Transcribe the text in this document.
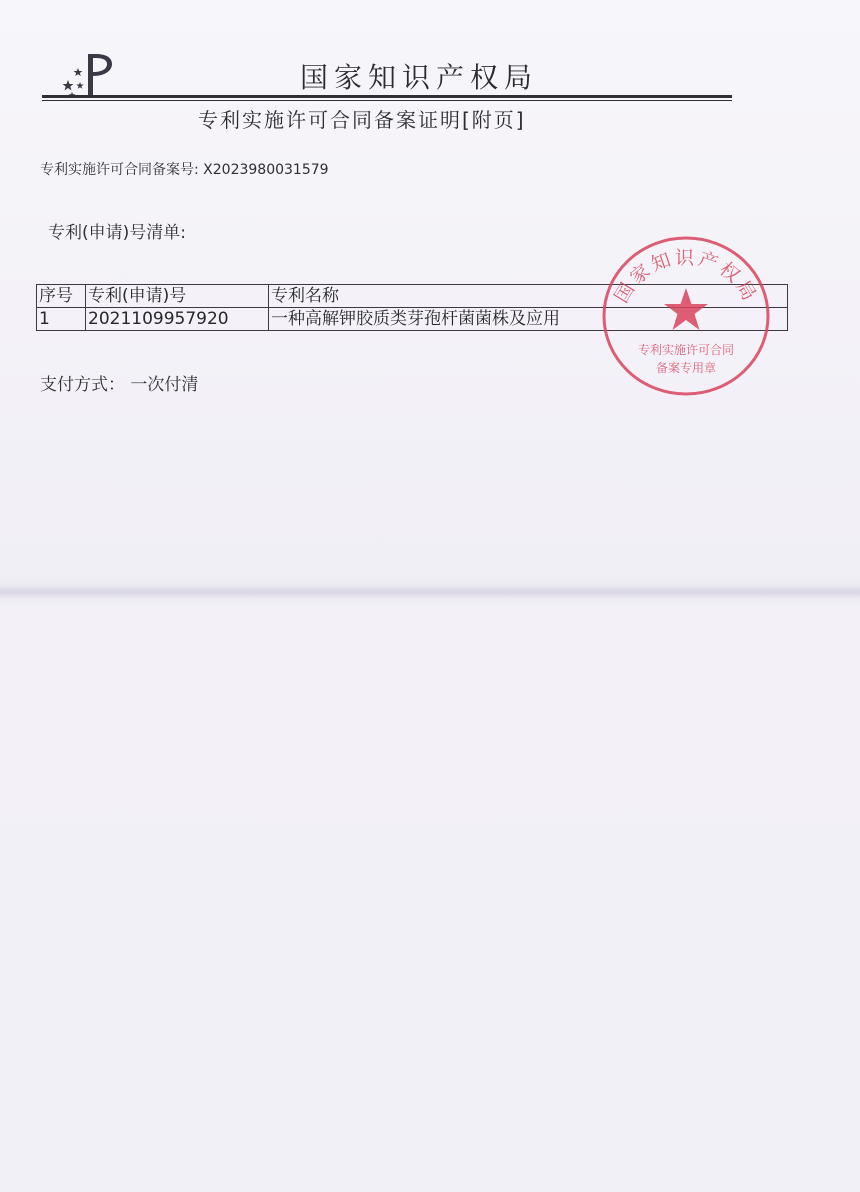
国家知识产权局
专利实施许可合同备案证明[附页]
专利实施许可合同备案号: X2023980031579
专利(申请)号清单:
序号	专利(申请)号	专利名称
1	2021109957920	一种高解钾胶质类芽孢杆菌菌株及应用
支付方式： 一次付清
国家知识产权局
专利实施许可合同
备案专用章
